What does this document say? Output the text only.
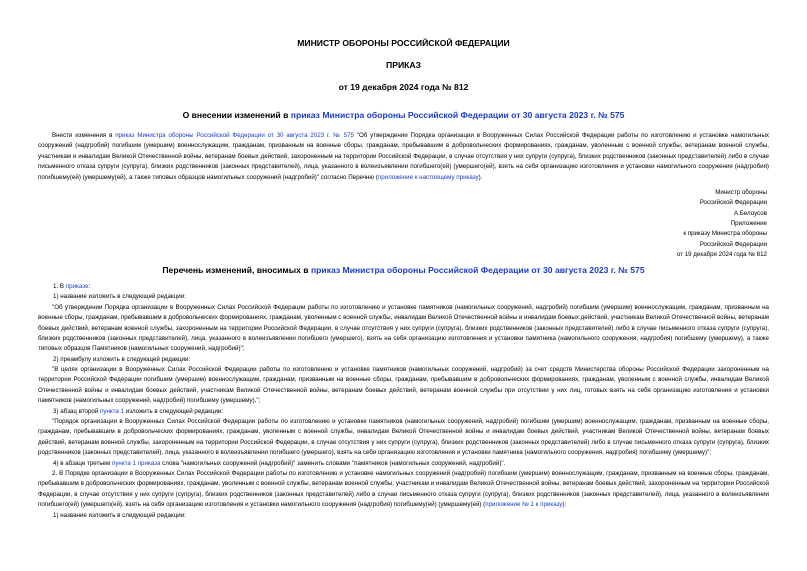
МИНИСТР ОБОРОНЫ РОССИЙСКОЙ ФЕДЕРАЦИИ
ПРИКАЗ
от 19 декабря 2024 года № 812
О внесении изменений в приказ Министра обороны Российской Федерации от 30 августа 2023 г. № 575
Внести изменения в приказ Министра обороны Российской Федерации от 30 августа 2023 г. № 575 "Об утверждении Порядка организации в Вооруженных Силах Российской Федерации работы по изготовлению и установке намогильных сооружений (надгробий) погибшим (умершим) военнослужащим, гражданам, призванным на военные сборы, гражданам, пребывавшим в добровольческих формированиях, гражданам, уволенным с военной службы, ветеранам военной службы, участникам и инвалидам Великой Отечественной войны, ветеранам боевых действий, захороненным на территории Российской Федерации, в случае отсутствия у них супруги (супруга), близких родственников (законных представителей) либо в случае письменного отказа супруги (супруга), близких родственников (законных представителей), лица, указанного в волеизъявлении погибшего(ей) (умершего(ей), взять на себя организацию изготовления и установки намогильного сооружения (надгробия) погибшему(ей) (умершему(ей), а также типовых образцов намогильных сооружений (надгробий)" согласно Перечню (приложение к настоящему приказу).
Министр обороны
Российской Федерации
А.Белоусов
Приложение
к приказу Министра обороны
Российской Федерации
от 19 декабря 2024 года № 812
Перечень изменений, вносимых в приказ Министра обороны Российской Федерации от 30 августа 2023 г. № 575
1. В приказе:
1) название изложить в следующей редакции:
"Об утверждении Порядка организации в Вооруженных Силах Российской Федерации работы по изготовлению и установке памятников (намогильных сооружений, надгробий) погибшим (умершим) военнослужащим, гражданам, призванным на военные сборы, гражданам, пребывавшим в добровольческих формированиях, гражданам, уволенным с военной службы, инвалидам Великой Отечественной войны и инвалидам боевых действий, участникам Великой Отечественной войны, ветеранам боевых действий, ветеранам военной службы, захороненным на территории Российской Федерации, в случае отсутствия у них супруги (супруга), близких родственников (законных представителей) либо в случае письменного отказа супруги (супруга), близких родственников (законных представителей), лица, указанного в волеизъявлении погибшего (умершего), взять на себя организацию изготовления и установки памятника (намогильного сооружения, надгробия) погибшему (умершему), а также типовых образцов Памятников (намогильных сооружений, надгробий)";
2) преамбулу изложить в следующей редакции:
"В целях организации в Вооруженных Силах Российской Федерации работы по изготовлению и установке памятников (намогильных сооружений, надгробий) за счет средств Министерства обороны Российской Федерации захороненным на территории Российской Федерации погибшим (умершим) военнослужащим, гражданам, призванным на военные сборы, гражданам, пребывавшим в добровольческих формированиях, гражданам, уволенным с военной службы, инвалидам Великой Отечественной войны и инвалидам боевых действий, участникам Великой Отечественной войны, ветеранам боевых действий, ветеранам военной службы при отсутствии у них лиц, готовых взять на себя организацию изготовления и установки памятников (намогильных сооружений, надгробий) погибшему (умершему),";
3) абзац второй пункта 1 изложить в следующей редакции:
"Порядок организации в Вооруженных Силах Российской Федерации работы по изготовлению и установке памятников (намогильных сооружений, надгробий) погибшим (умершим) военнослужащим, гражданам, призванным на военные сборы, гражданам, пребывавшим в добровольческих формированиях, гражданам, уволенным с военной службы, инвалидам Великой Отечественной войны и инвалидам боевых действий, участникам Великой Отечественной войны, ветеранам боевых действий, ветеранам военной службы, захороненным на территории Российской Федерации, в случае отсутствия у них супруги (супруга), близких родственников (законных представителей) либо в случае письменного отказа супруги (супруга), близких родственников (законных представителей), лица, указанного в волеизъявлении погибшего (умершего), взять на себя организацию изготовления и установки памятника (намогильного сооружения, надгробия) погибшему (умершему)";
4) в абзаце третьем пункта 1 приказа слова "намогильных сооружений (надгробий)" заменить словами "памятников (намогильных сооружений, надгробий)".
2. В Порядке организации в Вооруженных Силах Российской Федерации работы по изготовлению и установке намогильных сооружений (надгробий) погибшим (умершим) военнослужащим, гражданам, призванным на военные сборы, гражданам, пребывавшим в добровольческих формированиях, гражданам, уволенным с военной службы, ветеранам военной службы, участникам и инвалидам Великой Отечественной войны, ветеранам боевых действий, захороненным на территории Российской Федерации, в случае отсутствия у них супруги (супруга), близких родственников (законных представителей) либо в случае письменного отказа супруги (супруга), близких родственников (законных представителей), лица, указанного в волеизъявлении погибшего(ей) (умершего(ей), взять на себя организацию изготовления и установки намогильного сооружения (надгробия) погибшему(ей) (умершему(ей) (приложение № 1 к приказу):
1) название изложить в следующей редакции:
